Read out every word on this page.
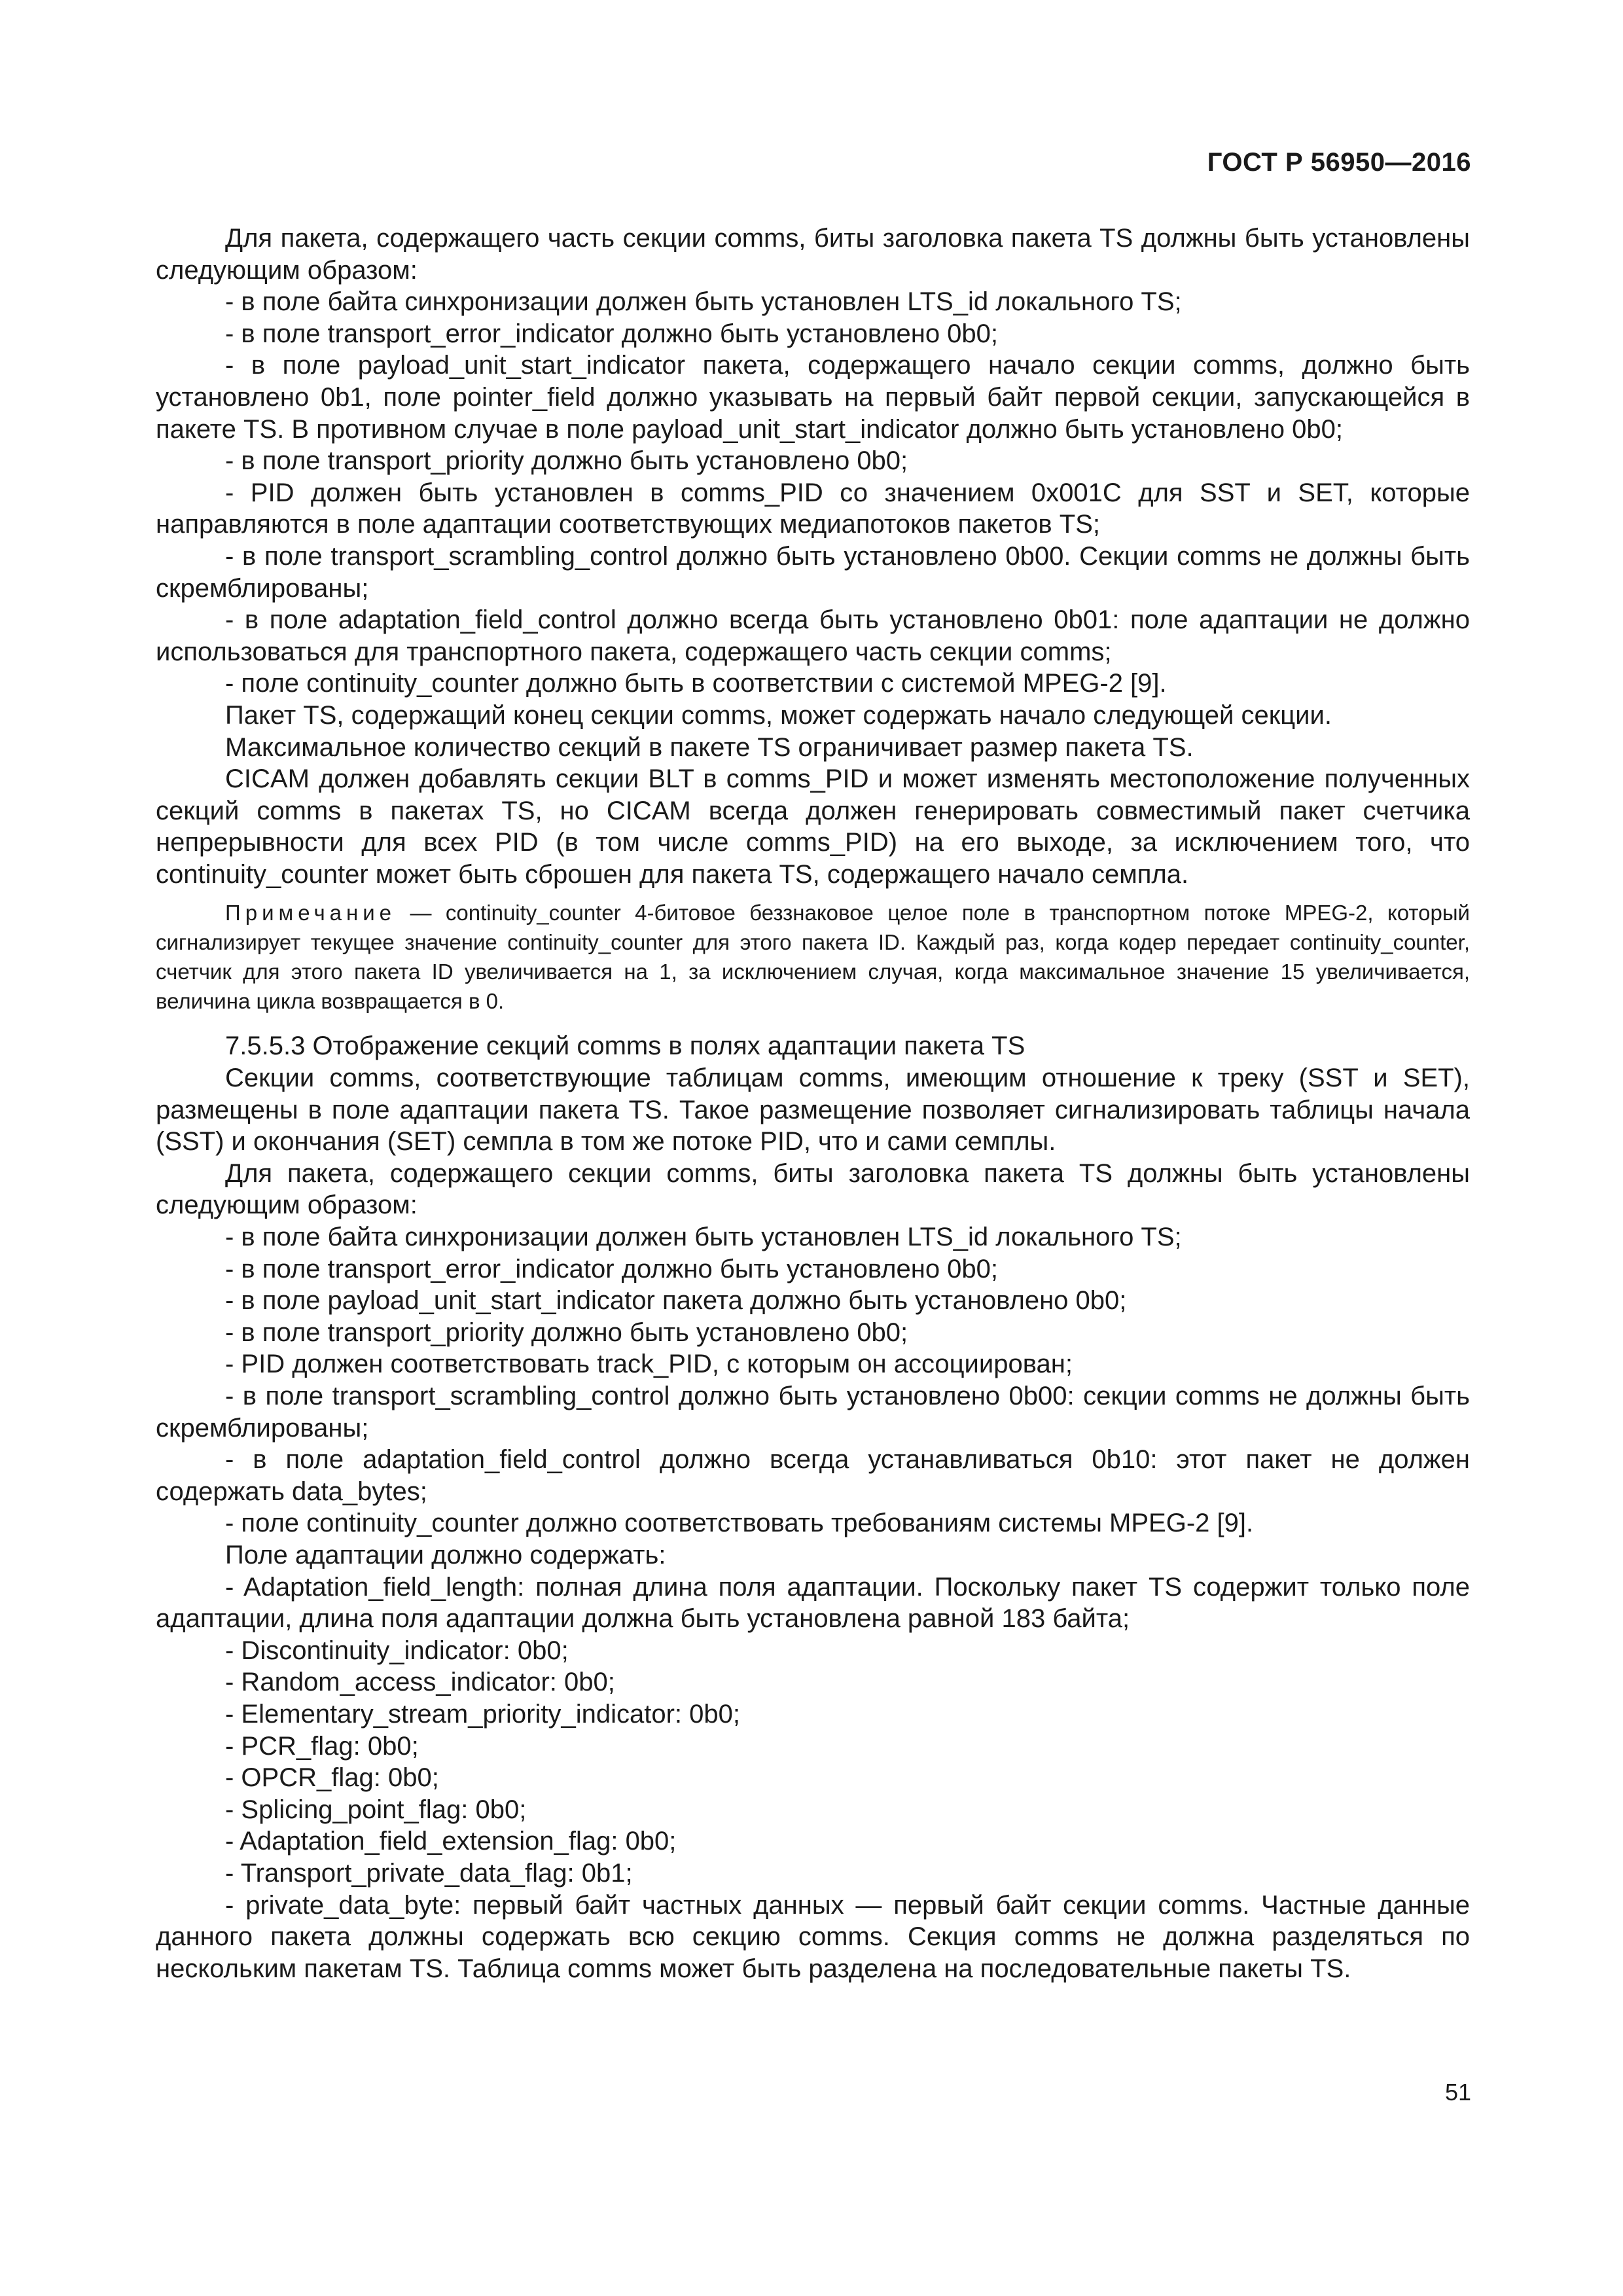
ГОСТ Р 56950—2016

Для пакета, содержащего часть секции comms, биты заголовка пакета TS должны быть установлены следующим образом:

- в поле байта синхронизации должен быть установлен LTS_id локального TS;

- в поле transport_error_indicator должно быть установлено 0b0;

- в поле payload_unit_start_indicator пакета, содержащего начало секции comms, должно быть установлено 0b1, поле pointer_field должно указывать на первый байт первой секции, запускающейся в пакете TS. В противном случае в поле payload_unit_start_indicator должно быть установлено 0b0;

- в поле transport_priority должно быть установлено 0b0;

- PID должен быть установлен в comms_PID со значением 0x001C для SST и SET, которые направляются в поле адаптации соответствующих медиапотоков пакетов TS;

- в поле transport_scrambling_control должно быть установлено 0b00. Секции comms не должны быть скремблированы;

- в поле adaptation_field_control должно всегда быть установлено 0b01: поле адаптации не должно использоваться для транспортного пакета, содержащего часть секции comms;

- поле continuity_counter должно быть в соответствии с системой MPEG-2 [9].

Пакет TS, содержащий конец секции comms, может содержать начало следующей секции.

Максимальное количество секций в пакете TS ограничивает размер пакета TS.

CICAM должен добавлять секции BLT в comms_PID и может изменять местоположение полученных секций comms в пакетах TS, но CICAM всегда должен генерировать совместимый пакет счетчика непрерывности для всех PID (в том числе comms_PID) на его выходе, за исключением того, что continuity_counter может быть сброшен для пакета TS, содержащего начало семпла.

Примечание — continuity_counter 4-битовое беззнаковое целое поле в транспортном потоке MPEG-2, который сигнализирует текущее значение continuity_counter для этого пакета ID. Каждый раз, когда кодер передает continuity_counter, счетчик для этого пакета ID увеличивается на 1, за исключением случая, когда максимальное значение 15 увеличивается, величина цикла возвращается в 0.

7.5.5.3 Отображение секций comms в полях адаптации пакета TS

Секции comms, соответствующие таблицам comms, имеющим отношение к треку (SST и SET), размещены в поле адаптации пакета TS. Такое размещение позволяет сигнализировать таблицы начала (SST) и окончания (SET) семпла в том же потоке PID, что и сами семплы.

Для пакета, содержащего секции comms, биты заголовка пакета TS должны быть установлены следующим образом:

- в поле байта синхронизации должен быть установлен LTS_id локального TS;

- в поле transport_error_indicator должно быть установлено 0b0;

- в поле payload_unit_start_indicator пакета должно быть установлено 0b0;

- в поле transport_priority должно быть установлено 0b0;

- PID должен соответствовать track_PID, с которым он ассоциирован;

- в поле transport_scrambling_control должно быть установлено 0b00: секции comms не должны быть скремблированы;

- в поле adaptation_field_control должно всегда устанавливаться 0b10: этот пакет не должен содержать data_bytes;

- поле continuity_counter должно соответствовать требованиям системы MPEG-2 [9].

Поле адаптации должно содержать:

- Adaptation_field_length: полная длина поля адаптации. Поскольку пакет TS содержит только поле адаптации, длина поля адаптации должна быть установлена равной 183 байта;

- Discontinuity_indicator: 0b0;

- Random_access_indicator: 0b0;

- Elementary_stream_priority_indicator: 0b0;

- PCR_flag: 0b0;

- OPCR_flag: 0b0;

- Splicing_point_flag: 0b0;

- Adaptation_field_extension_flag: 0b0;

- Transport_private_data_flag: 0b1;

- private_data_byte: первый байт частных данных — первый байт секции comms. Частные данные данного пакета должны содержать всю секцию comms. Секция comms не должна разделяться по нескольким пакетам TS. Таблица comms может быть разделена на последовательные пакеты TS.

51
